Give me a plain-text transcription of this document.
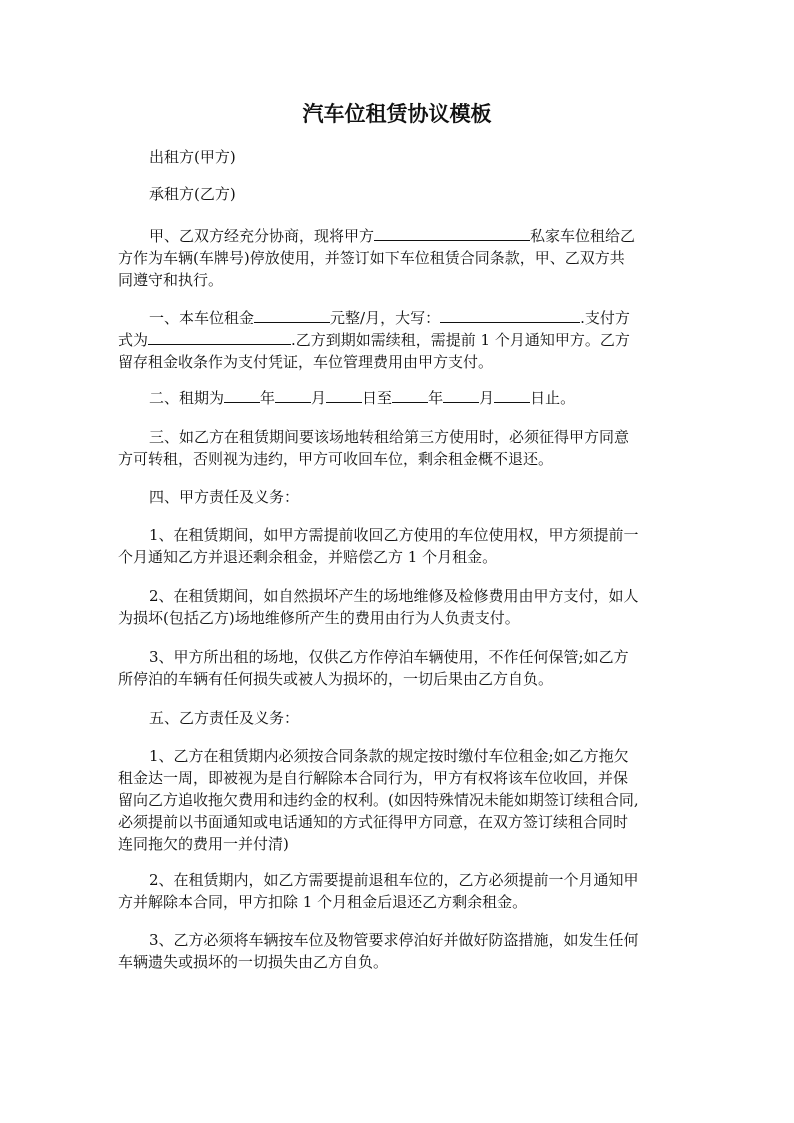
汽车位租赁协议模板
出租方(甲方)
承租方(乙方)
甲、乙双方经充分协商，现将甲方	私家车位租给乙
方作为车辆(车牌号)停放使用，并签订如下车位租赁合同条款，甲、乙双方共
同遵守和执行。
一、本车位租金	元整/月，大写：	.支付方
式为	.乙方到期如需续租，需提前 1 个月通知甲方。乙方
留存租金收条作为支付凭证，车位管理费用由甲方支付。
二、租期为 年 月 日至 年 月 日止。
三、如乙方在租赁期间要该场地转租给第三方使用时，必须征得甲方同意
方可转租，否则视为违约，甲方可收回车位，剩余租金概不退还。
四、甲方责任及义务：
1、在租赁期间，如甲方需提前收回乙方使用的车位使用权，甲方须提前一
个月通知乙方并退还剩余租金，并赔偿乙方 1 个月租金。
2、在租赁期间，如自然损坏产生的场地维修及检修费用由甲方支付，如人
为损坏(包括乙方)场地维修所产生的费用由行为人负责支付。
3、甲方所出租的场地，仅供乙方作停泊车辆使用，不作任何保管;如乙方
所停泊的车辆有任何损失或被人为损坏的，一切后果由乙方自负。
五、乙方责任及义务：
1、乙方在租赁期内必须按合同条款的规定按时缴付车位租金;如乙方拖欠
租金达一周，即被视为是自行解除本合同行为，甲方有权将该车位收回，并保
留向乙方追收拖欠费用和违约金的权利。(如因特殊情况未能如期签订续租合同,
必须提前以书面通知或电话通知的方式征得甲方同意，在双方签订续租合同时
连同拖欠的费用一并付清)
2、在租赁期内，如乙方需要提前退租车位的，乙方必须提前一个月通知甲
方并解除本合同，甲方扣除 1 个月租金后退还乙方剩余租金。
3、乙方必须将车辆按车位及物管要求停泊好并做好防盗措施，如发生任何
车辆遗失或损坏的一切损失由乙方自负。
